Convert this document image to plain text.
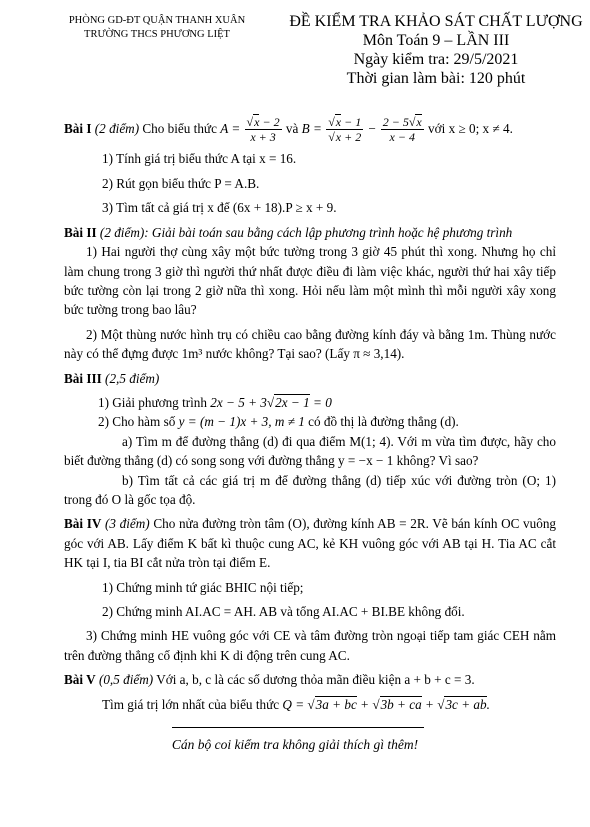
PHÒNG GD-ĐT QUẬN THANH XUÂN
TRƯỜNG THCS PHƯƠNG LIỆT
ĐỀ KIỂM TRA KHẢO SÁT CHẤT LƯỢNG
Môn Toán 9 – LẦN III
Ngày kiểm tra: 29/5/2021
Thời gian làm bài: 120 phút

Bài I (2 điểm) Cho biểu thức A = √ $\frac{x - 2}{x + 3}$ và B = √ x − 1
√ $x + 2 - \frac{2 - 5 √ x}{x - 4}$ với x ≥ 0; x ≠ 4.

1) Tính giá trị biểu thức A tại x = 16.

2) Rút gọn biểu thức P = A.B.

3) Tìm tất cả giá trị x để (6x + 18).P ≥ x + 9.

Bài II (2 điểm): Giải bài toán sau bằng cách lập phương trình hoặc hệ phương trình

1) Hai người thợ cùng xây một bức tường trong 3 giờ 45 phút thì xong. Nhưng họ chỉ làm chung trong 3 giờ thì người thứ nhất được điều đi làm việc khác, người thứ hai xây tiếp bức tường còn lại trong 2 giờ nữa thì xong. Hỏi nếu làm một mình thì mỗi người xây xong bức tường trong bao lâu?

2) Một thùng nước hình trụ có chiều cao bằng đường kính đáy và bằng 1m. Thùng nước này có thể đựng được 1m³ nước không? Tại sao? (Lấy π ≈ 3,14).

Bài III (2,5 điểm)

1) Giải phương trình 2x − 5 + 3 √ 2x − 1 = 0

2) Cho hàm số y = (m − 1)x + 3, m ≠ 1 có đồ thị là đường thẳng (d).

a) Tìm m để đường thẳng (d) đi qua điểm M(1; 4). Với m vừa tìm được, hãy cho biết đường thẳng (d) có song song với đường thẳng y = −x − 1 không? Vì sao?

b) Tìm tất cả các giá trị m để đường thẳng (d) tiếp xúc với đường tròn (O; 1) trong đó O là gốc tọa độ.

Bài IV (3 điểm) Cho nửa đường tròn tâm (O), đường kính AB = 2R. Vẽ bán kính OC vuông góc với AB. Lấy điểm K bất kì thuộc cung AC, kẻ KH vuông góc với AB tại H. Tia AC cắt HK tại I, tia BI cắt nửa tròn tại điểm E.

1) Chứng minh tứ giác BHIC nội tiếp;

2) Chứng minh AI.AC = AH. AB và tổng AI.AC + BI.BE không đổi.

3) Chứng minh HE vuông góc với CE và tâm đường tròn ngoại tiếp tam giác CEH nằm trên đường thẳng cố định khi K di động trên cung AC.

Bài V (0,5 điểm) Với a, b, c là các số dương thỏa mãn điều kiện a + b + c = 3.

Tìm giá trị lớn nhất của biểu thức Q = √ 3a + bc + √ 3b + ca + √ 3c + ab.

Cán bộ coi kiểm tra không giải thích gì thêm!
